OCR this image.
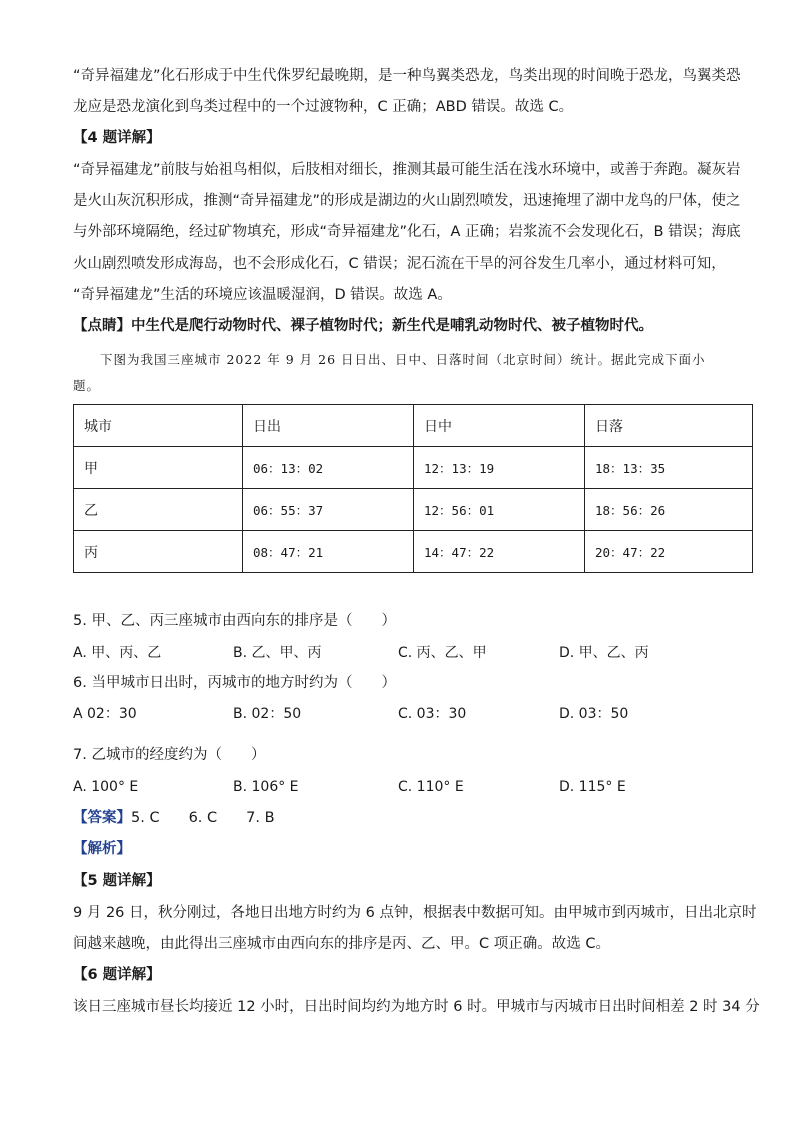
“奇异福建龙”化石形成于中生代侏罗纪最晚期，是一种鸟翼类恐龙，鸟类出现的时间晚于恐龙，鸟翼类恐
龙应是恐龙演化到鸟类过程中的一个过渡物种，C 正确；ABD 错误。故选 C。
【4 题详解】
“奇异福建龙”前肢与始祖鸟相似，后肢相对细长，推测其最可能生活在浅水环境中，或善于奔跑。凝灰岩
是火山灰沉积形成，推测“奇异福建龙”的形成是湖边的火山剧烈喷发，迅速掩埋了湖中龙鸟的尸体，使之
与外部环境隔绝，经过矿物填充，形成“奇异福建龙”化石，A 正确；岩浆流不会发现化石，B 错误；海底
火山剧烈喷发形成海岛，也不会形成化石，C 错误；泥石流在干旱的河谷发生几率小，通过材料可知，
“奇异福建龙”生活的环境应该温暖湿润，D 错误。故选 A。
【点睛】中生代是爬行动物时代、裸子植物时代；新生代是哺乳动物时代、被子植物时代。
下图为我国三座城市 2022 年 9 月 26 日日出、日中、日落时间（北京时间）统计。据此完成下面小
题。
城市	日出	日中	日落
甲	06：13：02	12：13：19	18：13：35
乙	06：55：37	12：56：01	18：56：26
丙	08：47：21	14：47：22	20：47：22
5. 甲、乙、丙三座城市由西向东的排序是（　　）
A. 甲、丙、乙	B. 乙、甲、丙	C. 丙、乙、甲	D. 甲、乙、丙
6. 当甲城市日出时，丙城市的地方时约为（　　）
A 02：30	B. 02：50	C. 03：30	D. 03：50
7. 乙城市的经度约为（　　）
A. 100° E	B. 106° E	C. 110° E	D. 115° E
【答案】5. C　　6. C　　7. B
【解析】
【5 题详解】
9 月 26 日，秋分刚过，各地日出地方时约为 6 点钟，根据表中数据可知。由甲城市到丙城市，日出北京时
间越来越晚，由此得出三座城市由西向东的排序是丙、乙、甲。C 项正确。故选 C。
【6 题详解】
该日三座城市昼长均接近 12 小时，日出时间均约为地方时 6 时。甲城市与丙城市日出时间相差 2 时 34 分
